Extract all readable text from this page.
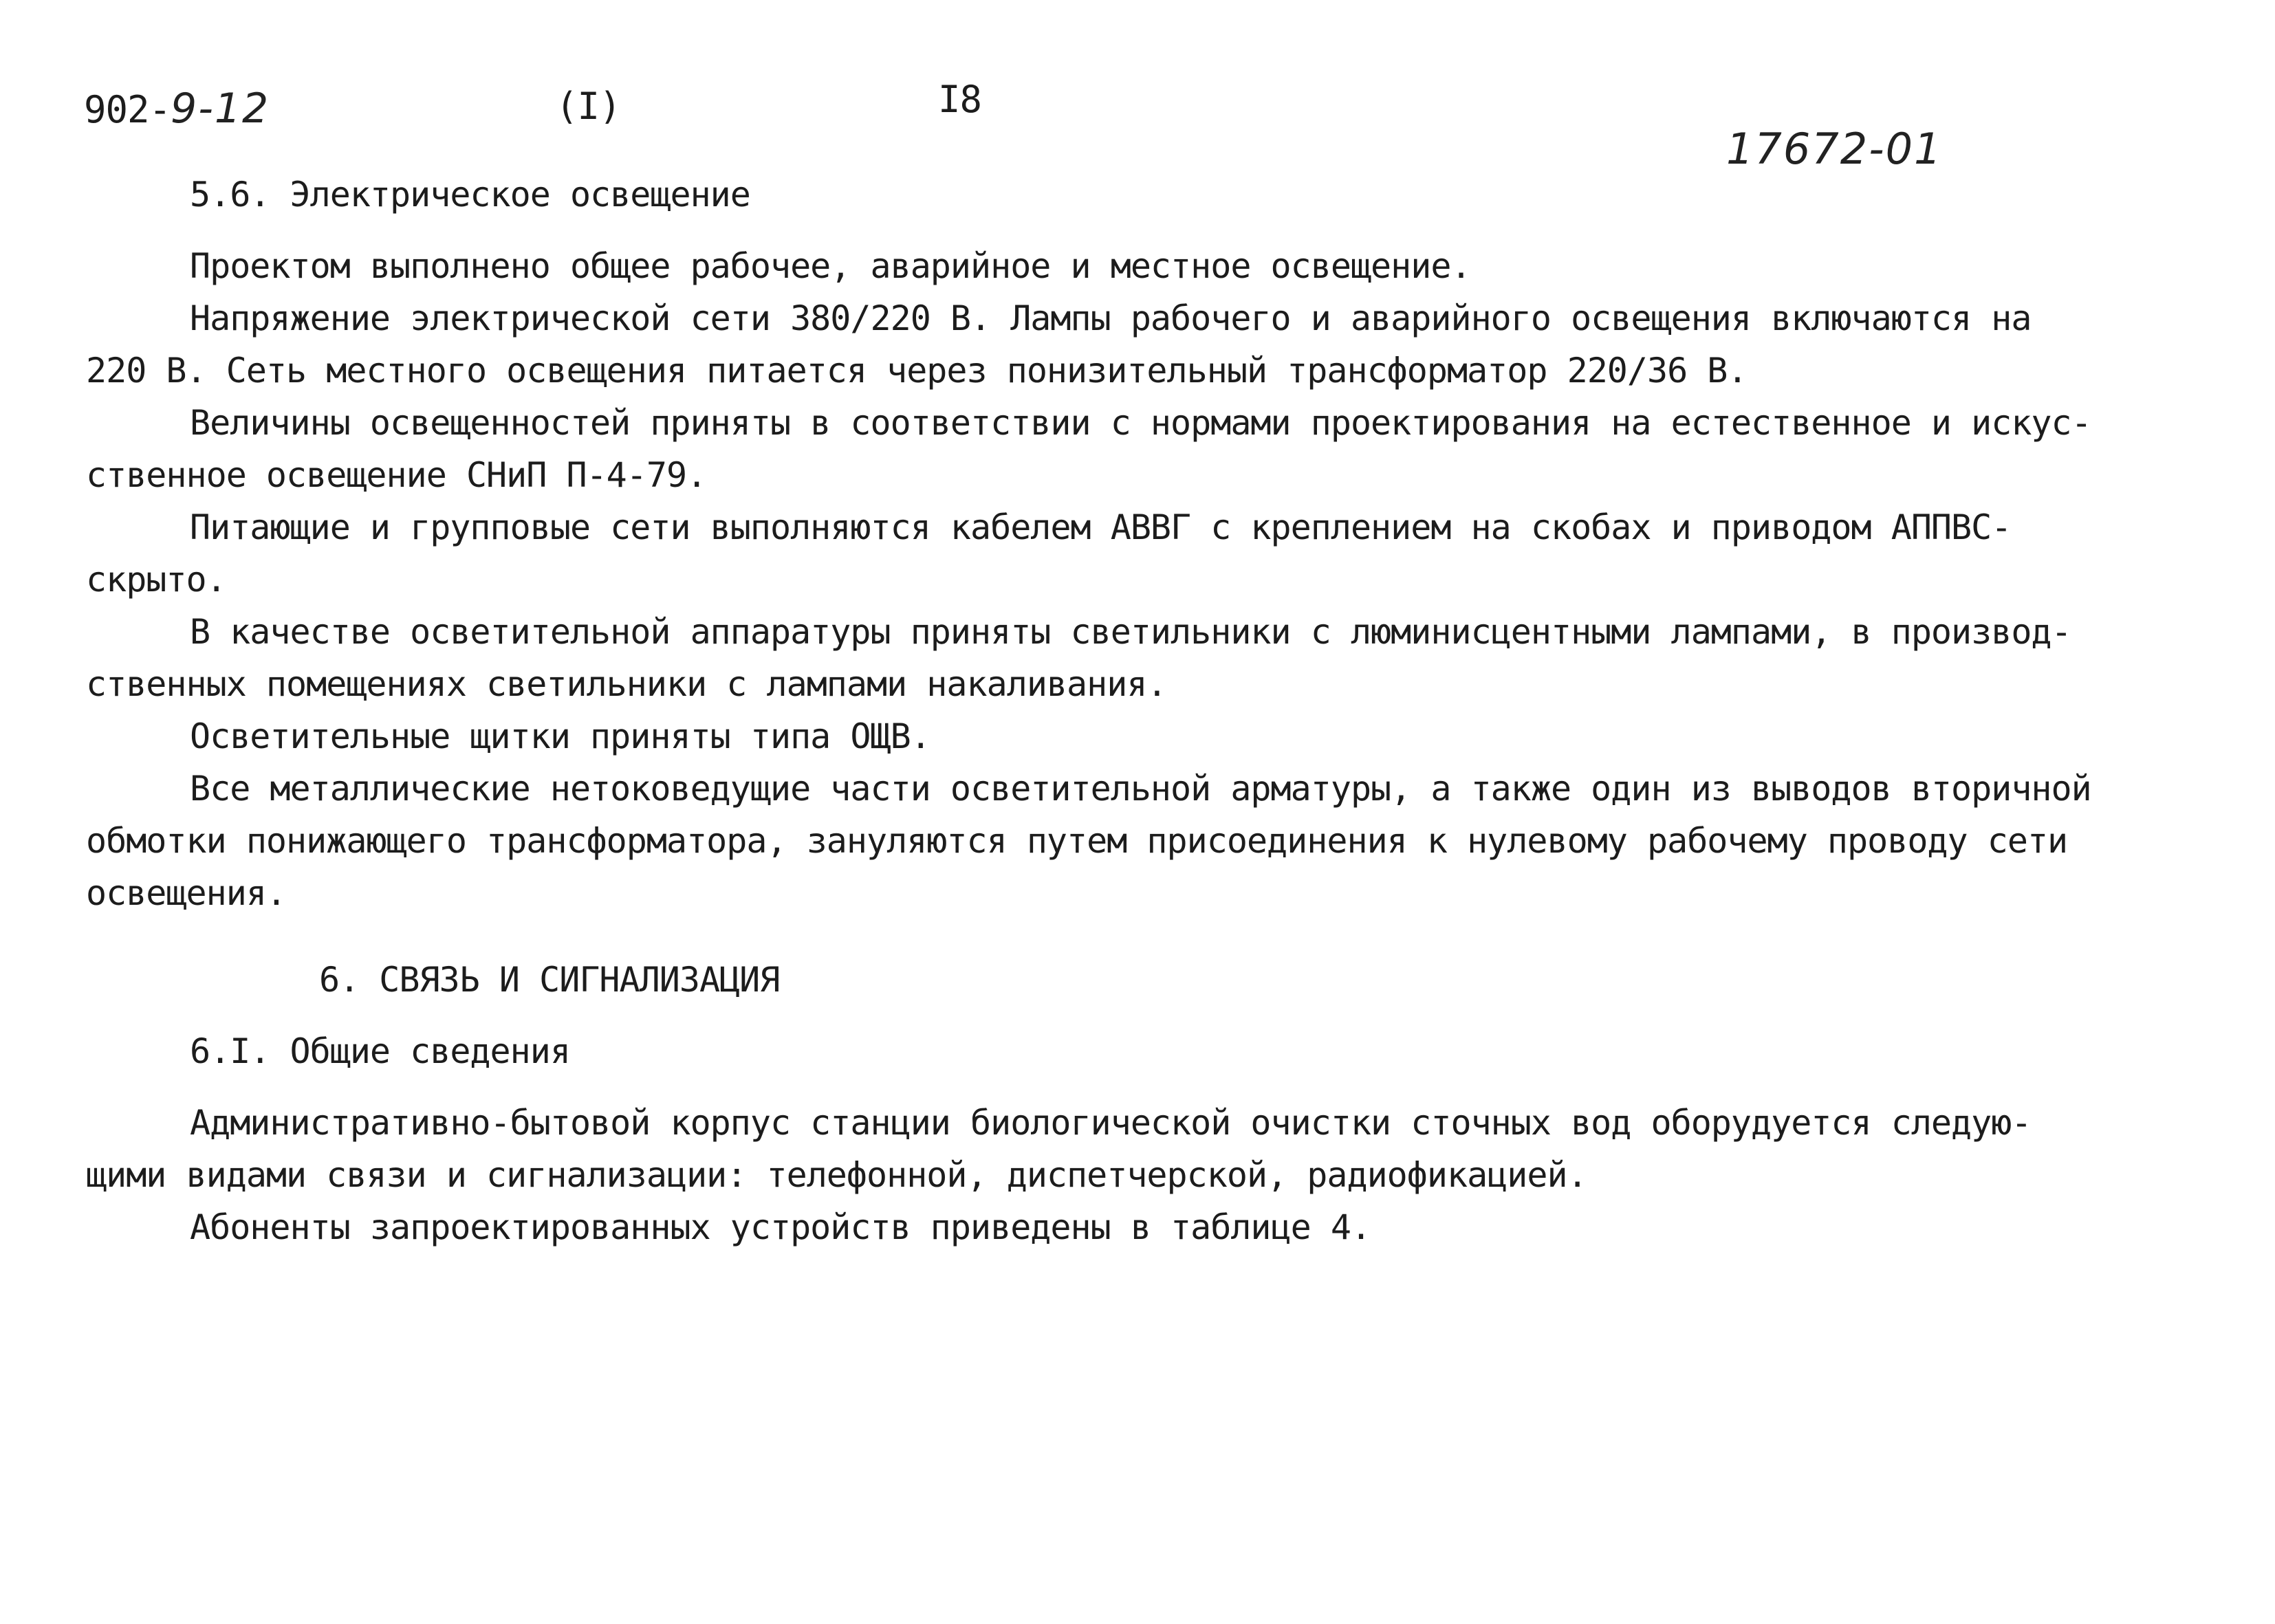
902-9-12	(I)	I8
17672-01
5.6. Электрическое освещение
Проектом выполнено общее рабочее, аварийное и местное освещение.
Напряжение электрической сети 380/220 В. Лампы рабочего и аварийного освещения включаются на
220 В. Сеть местного освещения питается через понизительный трансформатор 220/36 В.
Величины освещенностей приняты в соответствии с нормами проектирования на естественное и искус-
ственное освещение СНиП П-4-79.
Питающие и групповые сети выполняются кабелем АВВГ с креплением на скобах и приводом АППВС-
скрыто.
В качестве осветительной аппаратуры приняты светильники с люминисцентными лампами, в производ-
ственных помещениях светильники с лампами накаливания.
Осветительные щитки приняты типа ОЩВ.
Все металлические нетоковедущие части осветительной арматуры, а также один из выводов вторичной
обмотки понижающего трансформатора, зануляются путем присоединения к нулевому рабочему проводу сети
освещения.
6. СВЯЗЬ И СИГНАЛИЗАЦИЯ
6.I. Общие сведения
Административно-бытовой корпус станции биологической очистки сточных вод оборудуется следую-
щими видами связи и сигнализации: телефонной, диспетчерской, радиофикацией.
Абоненты запроектированных устройств приведены в таблице 4.
